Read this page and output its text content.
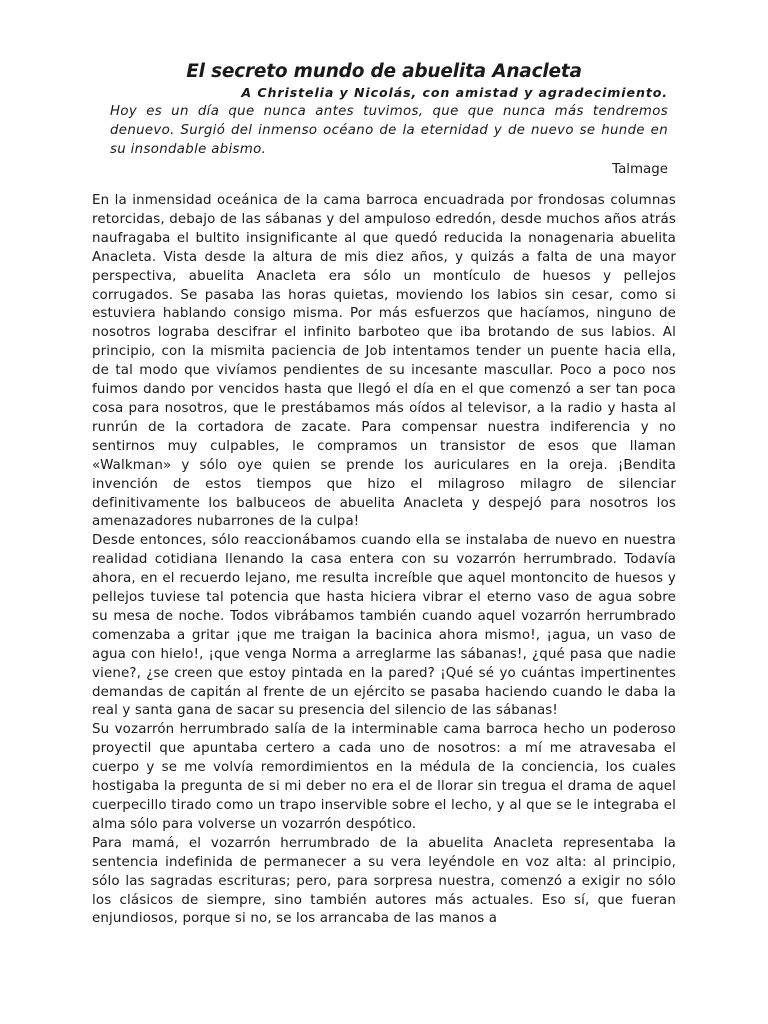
El secreto mundo de abuelita Anacleta

A Christelia y Nicolás, con amistad y agradecimiento.

Hoy es un día que nunca antes tuvimos, que que nunca más tendremos denuevo. Surgió del inmenso océano de la eternidad y de nuevo se hunde en su insondable abismo.

Talmage

En la inmensidad oceánica de la cama barroca encuadrada por frondosas columnas retorcidas, debajo de las sábanas y del ampuloso edredón, desde muchos años atrás naufragaba el bultito insignificante al que quedó reducida la nonagenaria abuelita Anacleta. Vista desde la altura de mis diez años, y quizás a falta de una mayor perspectiva, abuelita Anacleta era sólo un montículo de huesos y pellejos corrugados. Se pasaba las horas quietas, moviendo los labios sin cesar, como si estuviera hablando consigo misma. Por más esfuerzos que hacíamos, ninguno de nosotros lograba descifrar el infinito barboteo que iba brotando de sus labios. Al principio, con la mismita paciencia de Job intentamos tender un puente hacia ella, de tal modo que vivíamos pendientes de su incesante mascullar. Poco a poco nos fuimos dando por vencidos hasta que llegó el día en el que comenzó a ser tan poca cosa para nosotros, que le prestábamos más oídos al televisor, a la radio y hasta al runrún de la cortadora de zacate. Para compensar nuestra indiferencia y no sentirnos muy culpables, le compramos un transistor de esos que llaman «Walkman» y sólo oye quien se prende los auriculares en la oreja. ¡Bendita invención de estos tiempos que hizo el milagroso milagro de silenciar definitivamente los balbuceos de abuelita Anacleta y despejó para nosotros los amenazadores nubarrones de la culpa!

Desde entonces, sólo reaccionábamos cuando ella se instalaba de nuevo en nuestra realidad cotidiana llenando la casa entera con su vozarrón herrumbrado. Todavía ahora, en el recuerdo lejano, me resulta increíble que aquel montoncito de huesos y pellejos tuviese tal potencia que hasta hiciera vibrar el eterno vaso de agua sobre su mesa de noche. Todos vibrábamos también cuando aquel vozarrón herrumbrado comenzaba a gritar ¡que me traigan la bacinica ahora mismo!, ¡agua, un vaso de agua con hielo!, ¡que venga Norma a arreglarme las sábanas!, ¿qué pasa que nadie viene?, ¿se creen que estoy pintada en la pared? ¡Qué sé yo cuántas impertinentes demandas de capitán al frente de un ejército se pasaba haciendo cuando le daba la real y santa gana de sacar su presencia del silencio de las sábanas!

Su vozarrón herrumbrado salía de la interminable cama barroca hecho un poderoso proyectil que apuntaba certero a cada uno de nosotros: a mí me atravesaba el cuerpo y se me volvía remordimientos en la médula de la conciencia, los cuales hostigaba la pregunta de si mi deber no era el de llorar sin tregua el drama de aquel cuerpecillo tirado como un trapo inservible sobre el lecho, y al que se le integraba el alma sólo para volverse un vozarrón despótico.

Para mamá, el vozarrón herrumbrado de la abuelita Anacleta representaba la sentencia indefinida de permanecer a su vera leyéndole en voz alta: al principio, sólo las sagradas escrituras; pero, para sorpresa nuestra, comenzó a exigir no sólo los clásicos de siempre, sino también autores más actuales. Eso sí, que fueran enjundiosos, porque si no, se los arrancaba de las manos a
